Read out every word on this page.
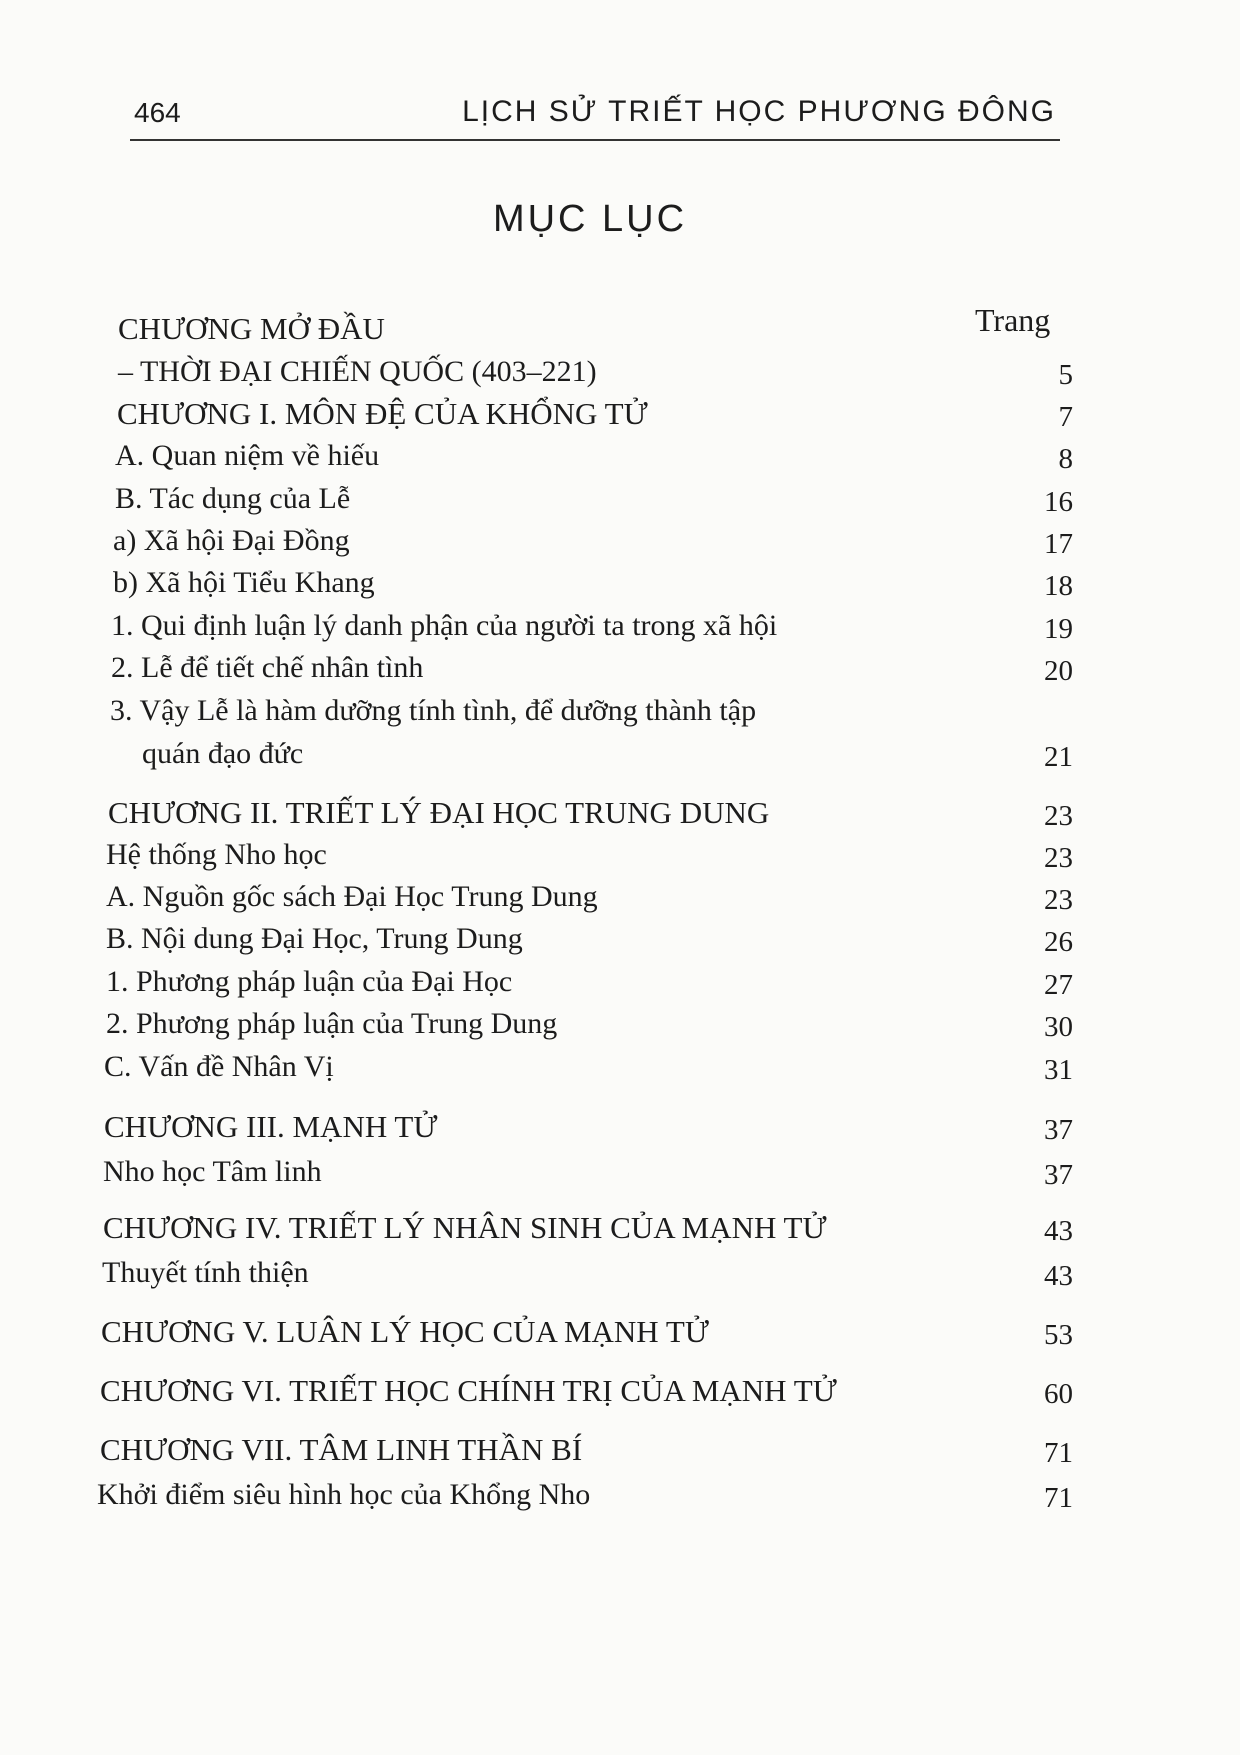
464	LỊCH SỬ TRIẾT HỌC PHƯƠNG ĐÔNG
MỤC LỤC
Trang
CHƯƠNG MỞ ĐẦU
– THỜI ĐẠI CHIẾN QUỐC (403–221)	5
CHƯƠNG I. MÔN ĐỆ CỦA KHỔNG TỬ	7
A. Quan niệm về hiếu	8
B. Tác dụng của Lễ	16
a) Xã hội Đại Đồng	17
b) Xã hội Tiểu Khang	18
1. Qui định luận lý danh phận của người ta trong xã hội	19
2. Lễ để tiết chế nhân tình	20
3. Vậy Lễ là hàm dưỡng tính tình, để dưỡng thành tập
quán đạo đức	21
CHƯƠNG II. TRIẾT LÝ ĐẠI HỌC TRUNG DUNG	23
Hệ thống Nho học	23
A. Nguồn gốc sách Đại Học Trung Dung	23
B. Nội dung Đại Học, Trung Dung	26
1. Phương pháp luận của Đại Học	27
2. Phương pháp luận của Trung Dung	30
C. Vấn đề Nhân Vị	31
CHƯƠNG III. MẠNH TỬ	37
Nho học Tâm linh	37
CHƯƠNG IV. TRIẾT LÝ NHÂN SINH CỦA MẠNH TỬ	43
Thuyết tính thiện	43
CHƯƠNG V. LUÂN LÝ HỌC CỦA MẠNH TỬ	53
CHƯƠNG VI. TRIẾT HỌC CHÍNH TRỊ CỦA MẠNH TỬ	60
CHƯƠNG VII. TÂM LINH THẦN BÍ	71
Khởi điểm siêu hình học của Khổng Nho	71
